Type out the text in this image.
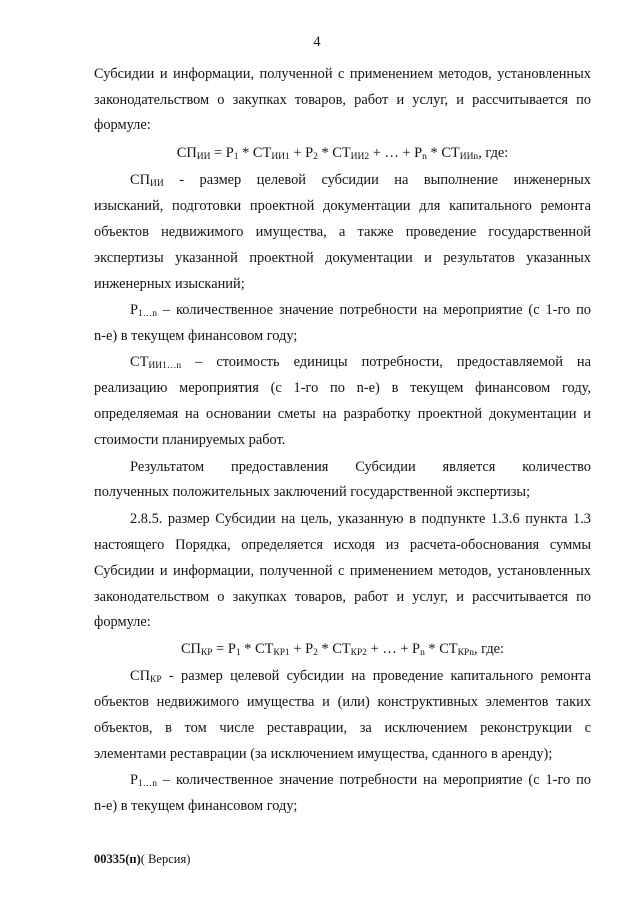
4
Субсидии и информации, полученной с применением методов, установленных
законодательством о закупках товаров, работ и услуг, и рассчитывается по
формуле:
$СП_{ИИ} = Р_1 * СТ_{ИИ1} + Р_2 * СТ_{ИИ2}$ + … + $Р_n * СТ_{ИИn}$, где:
$СП_{ИИ}$ - размер целевой субсидии на выполнение инженерных
изысканий, подготовки проектной документации для капитального ремонта
объектов недвижимого имущества, а также проведение государственной
экспертизы указанной проектной документации и результатов указанных
инженерных изысканий;
$Р_{1\dots n}$ – количественное значение потребности на мероприятие (с 1-го по
n-е) в текущем финансовом году;
$СТ_{ИИ1\dots n}$ – стоимость единицы потребности, предоставляемой на
реализацию мероприятия (с 1-го по n-е) в текущем финансовом году,
определяемая на основании сметы на разработку проектной документации и
стоимости планируемых работ.
Результатом предоставления Субсидии является количество
полученных положительных заключений государственной экспертизы;
2.8.5. размер Субсидии на цель, указанную в подпункте 1.3.6 пункта 1.3
настоящего Порядка, определяется исходя из расчета-обоснования суммы
Субсидии и информации, полученной с применением методов, установленных
законодательством о закупках товаров, работ и услуг, и рассчитывается по
формуле:
$СП_{КР} = Р_1 * СТ_{КР1} + Р_2 * СТ_{КР2}$ + … + $Р_n * СТ_{КРn}$, где:
$СП_{КР}$ - размер целевой субсидии на проведение капитального ремонта
объектов недвижимого имущества и (или) конструктивных элементов таких
объектов, в том числе реставрации, за исключением реконструкции с
элементами реставрации (за исключением имущества, сданного в аренду);
$Р_{1\dots n}$ – количественное значение потребности на мероприятие (с 1-го по
n-е) в текущем финансовом году;
00335(п)( Версия)
